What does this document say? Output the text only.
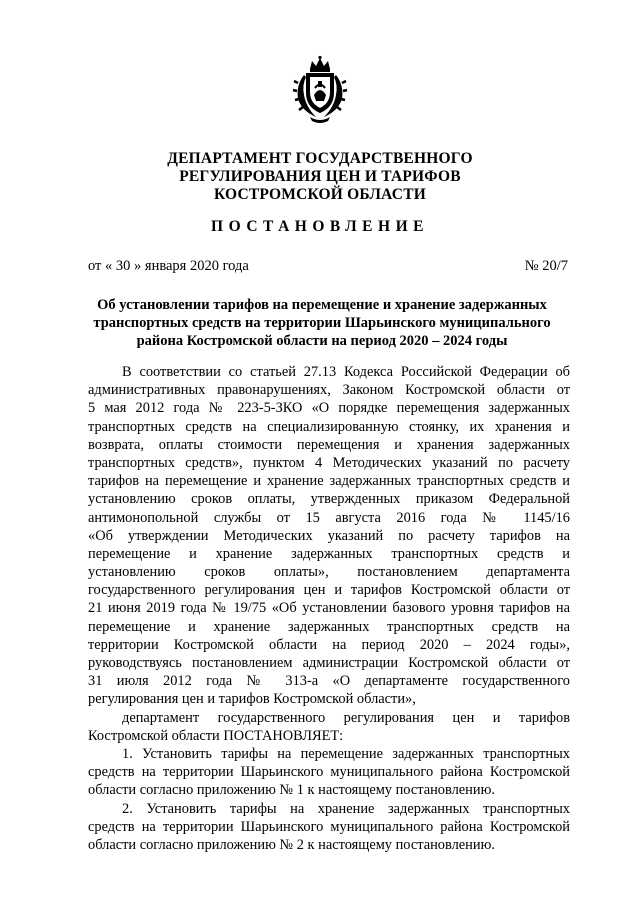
ДЕПАРТАМЕНТ ГОСУДАРСТВЕННОГО
РЕГУЛИРОВАНИЯ ЦЕН И ТАРИФОВ
КОСТРОМСКОЙ ОБЛАСТИ
ПОСТАНОВЛЕНИЕ
от « 30 » января 2020 года	№ 20/7
Об установлении тарифов на перемещение и хранение задержанных
транспортных средств на территории Шарьинского муниципального
района Костромской области на период 2020 – 2024 годы
В соответствии со статьей 27.13 Кодекса Российской Федерации об
административных правонарушениях, Законом Костромской области от
5 мая 2012 года № 223-5-ЗКО «О порядке перемещения задержанных
транспортных средств на специализированную стоянку, их хранения и
возврата, оплаты стоимости перемещения и хранения задержанных
транспортных средств», пунктом 4 Методических указаний по расчету
тарифов на перемещение и хранение задержанных транспортных средств и
установлению сроков оплаты, утвержденных приказом Федеральной
антимонопольной службы от 15 августа 2016 года № 1145/16
«Об утверждении Методических указаний по расчету тарифов на
перемещение и хранение задержанных транспортных средств и
установлению сроков оплаты», постановлением департамента
государственного регулирования цен и тарифов Костромской области от
21 июня 2019 года № 19/75 «Об установлении базового уровня тарифов на
перемещение и хранение задержанных транспортных средств на
территории Костромской области на период 2020 – 2024 годы»,
руководствуясь постановлением администрации Костромской области от
31 июля 2012 года № 313-а «О департаменте государственного
регулирования цен и тарифов Костромской области»,
департамент государственного регулирования цен и тарифов
Костромской области ПОСТАНОВЛЯЕТ:
1. Установить тарифы на перемещение задержанных транспортных
средств на территории Шарьинского муниципального района Костромской
области согласно приложению № 1 к настоящему постановлению.
2. Установить тарифы на хранение задержанных транспортных
средств на территории Шарьинского муниципального района Костромской
области согласно приложению № 2 к настоящему постановлению.
